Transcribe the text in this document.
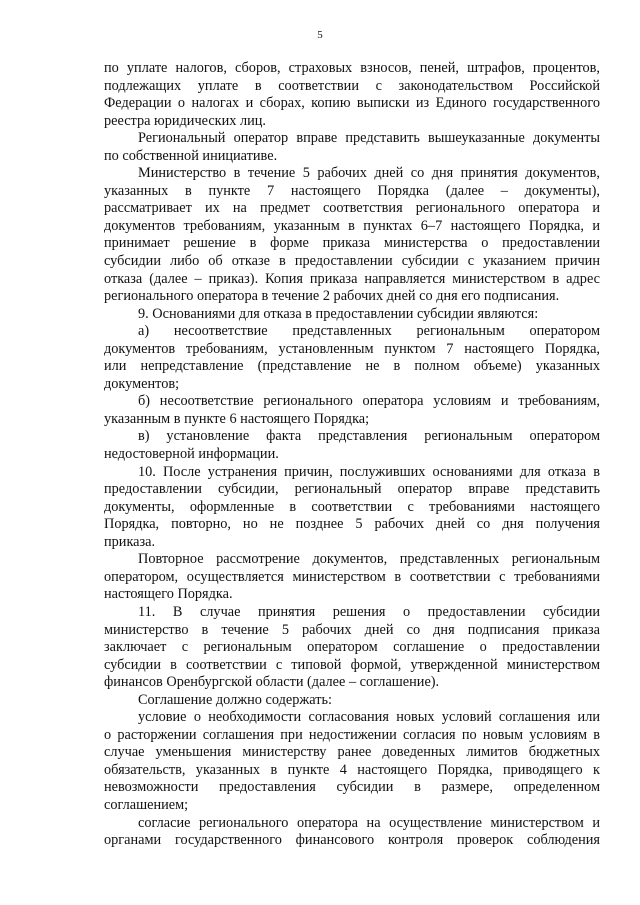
5
по уплате налогов, сборов, страховых взносов, пеней, штрафов, процентов,
подлежащих уплате в соответствии с законодательством Российской
Федерации о налогах и сборах, копию выписки из Единого государственного
реестра юридических лиц.
Региональный оператор вправе представить вышеуказанные документы
по собственной инициативе.
Министерство в течение 5 рабочих дней со дня принятия документов,
указанных в пункте 7 настоящего Порядка (далее – документы),
рассматривает их на предмет соответствия регионального оператора и
документов требованиям, указанным в пунктах 6–7 настоящего Порядка, и
принимает решение в форме приказа министерства о предоставлении
субсидии либо об отказе в предоставлении субсидии с указанием причин
отказа (далее – приказ). Копия приказа направляется министерством в адрес
регионального оператора в течение 2 рабочих дней со дня его подписания.
9. Основаниями для отказа в предоставлении субсидии являются:
а) несоответствие представленных региональным оператором
документов требованиям, установленным пунктом 7 настоящего Порядка,
или непредставление (представление не в полном объеме) указанных
документов;
б) несоответствие регионального оператора условиям и требованиям,
указанным в пункте 6 настоящего Порядка;
в) установление факта представления региональным оператором
недостоверной информации.
10. После устранения причин, послуживших основаниями для отказа в
предоставлении субсидии, региональный оператор вправе представить
документы, оформленные в соответствии с требованиями настоящего
Порядка, повторно, но не позднее 5 рабочих дней со дня получения
приказа.
Повторное рассмотрение документов, представленных региональным
оператором, осуществляется министерством в соответствии с требованиями
настоящего Порядка.
11. В случае принятия решения о предоставлении субсидии
министерство в течение 5 рабочих дней со дня подписания приказа
заключает с региональным оператором соглашение о предоставлении
субсидии в соответствии с типовой формой, утвержденной министерством
финансов Оренбургской области (далее – соглашение).
Соглашение должно содержать:
условие о необходимости согласования новых условий соглашения или
о расторжении соглашения при недостижении согласия по новым условиям в
случае уменьшения министерству ранее доведенных лимитов бюджетных
обязательств, указанных в пункте 4 настоящего Порядка, приводящего к
невозможности предоставления субсидии в размере, определенном
соглашением;
согласие регионального оператора на осуществление министерством и
органами государственного финансового контроля проверок соблюдения
